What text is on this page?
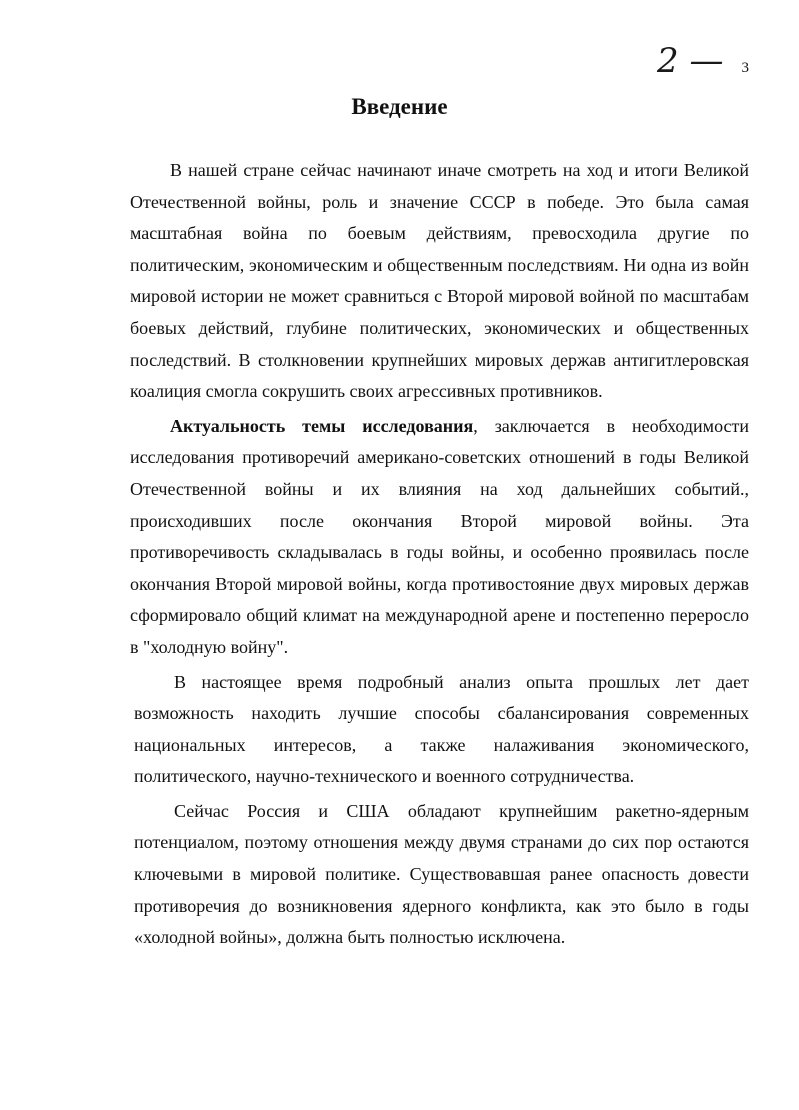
2 — 3
Введение

В нашей стране сейчас начинают иначе смотреть на ход и итоги Великой Отечественной войны, роль и значение СССР в победе. Это была самая масштабная война по боевым действиям, превосходила другие по политическим, экономическим и общественным последствиям. Ни одна из войн мировой истории не может сравниться с Второй мировой войной по масштабам боевых действий, глубине политических, экономических и общественных последствий. В столкновении крупнейших мировых держав антигитлеровская коалиция смогла сокрушить своих агрессивных противников.

Актуальность темы исследования, заключается в необходимости исследования противоречий американо-советских отношений в годы Великой Отечественной войны и их влияния на ход дальнейших событий., происходивших после окончания Второй мировой войны. Эта противоречивость складывалась в годы войны, и особенно проявилась после окончания Второй мировой войны, когда противостояние двух мировых держав сформировало общий климат на международной арене и постепенно переросло в "холодную войну".

В настоящее время подробный анализ опыта прошлых лет дает возможность находить лучшие способы сбалансирования современных национальных интересов, а также налаживания экономического, политического, научно-технического и военного сотрудничества.

Сейчас Россия и США обладают крупнейшим ракетно-ядерным потенциалом, поэтому отношения между двумя странами до сих пор остаются ключевыми в мировой политике. Существовавшая ранее опасность довести противоречия до возникновения ядерного конфликта, как это было в годы «холодной войны», должна быть полностью исключена.
